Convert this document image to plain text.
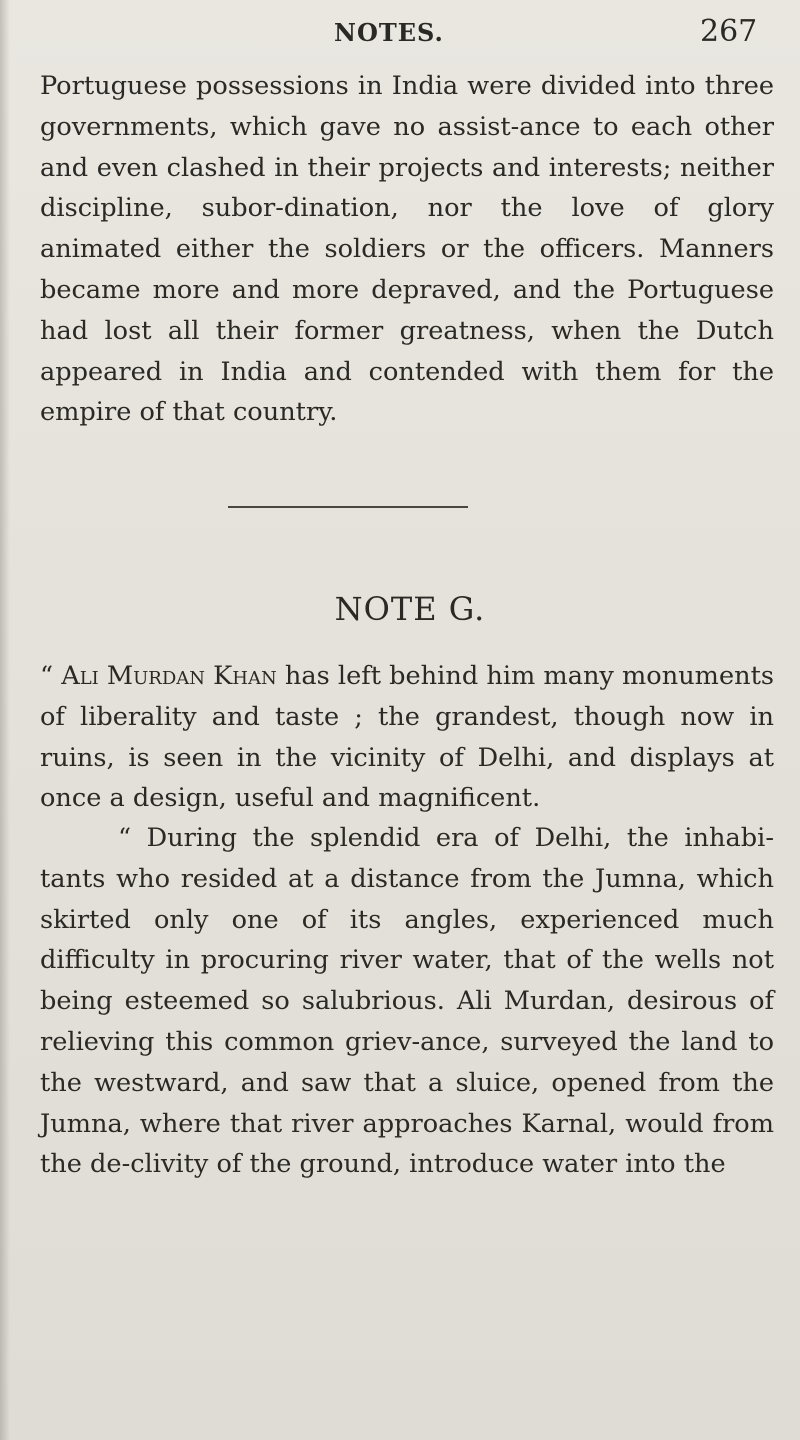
NOTES.	267

Portuguese possessions in India were divided into three governments, which gave no assist-ance to each other and even clashed in their projects and interests; neither discipline, subor-dination, nor the love of glory animated either the soldiers or the officers. Manners became more and more depraved, and the Portuguese had lost all their former greatness, when the Dutch appeared in India and contended with them for the empire of that country.

NOTE G.

“ Ali Murdan Khan has left behind him many monuments of liberality and taste ; the grandest, though now in ruins, is seen in the vicinity of Delhi, and displays at once a design, useful and magnificent.

“ During the splendid era of Delhi, the inhabi-tants who resided at a distance from the Jumna, which skirted only one of its angles, experienced much difficulty in procuring river water, that of the wells not being esteemed so salubrious. Ali Murdan, desirous of relieving this common griev-ance, surveyed the land to the westward, and saw that a sluice, opened from the Jumna, where that river approaches Karnal, would from the de-clivity of the ground, introduce water into the
